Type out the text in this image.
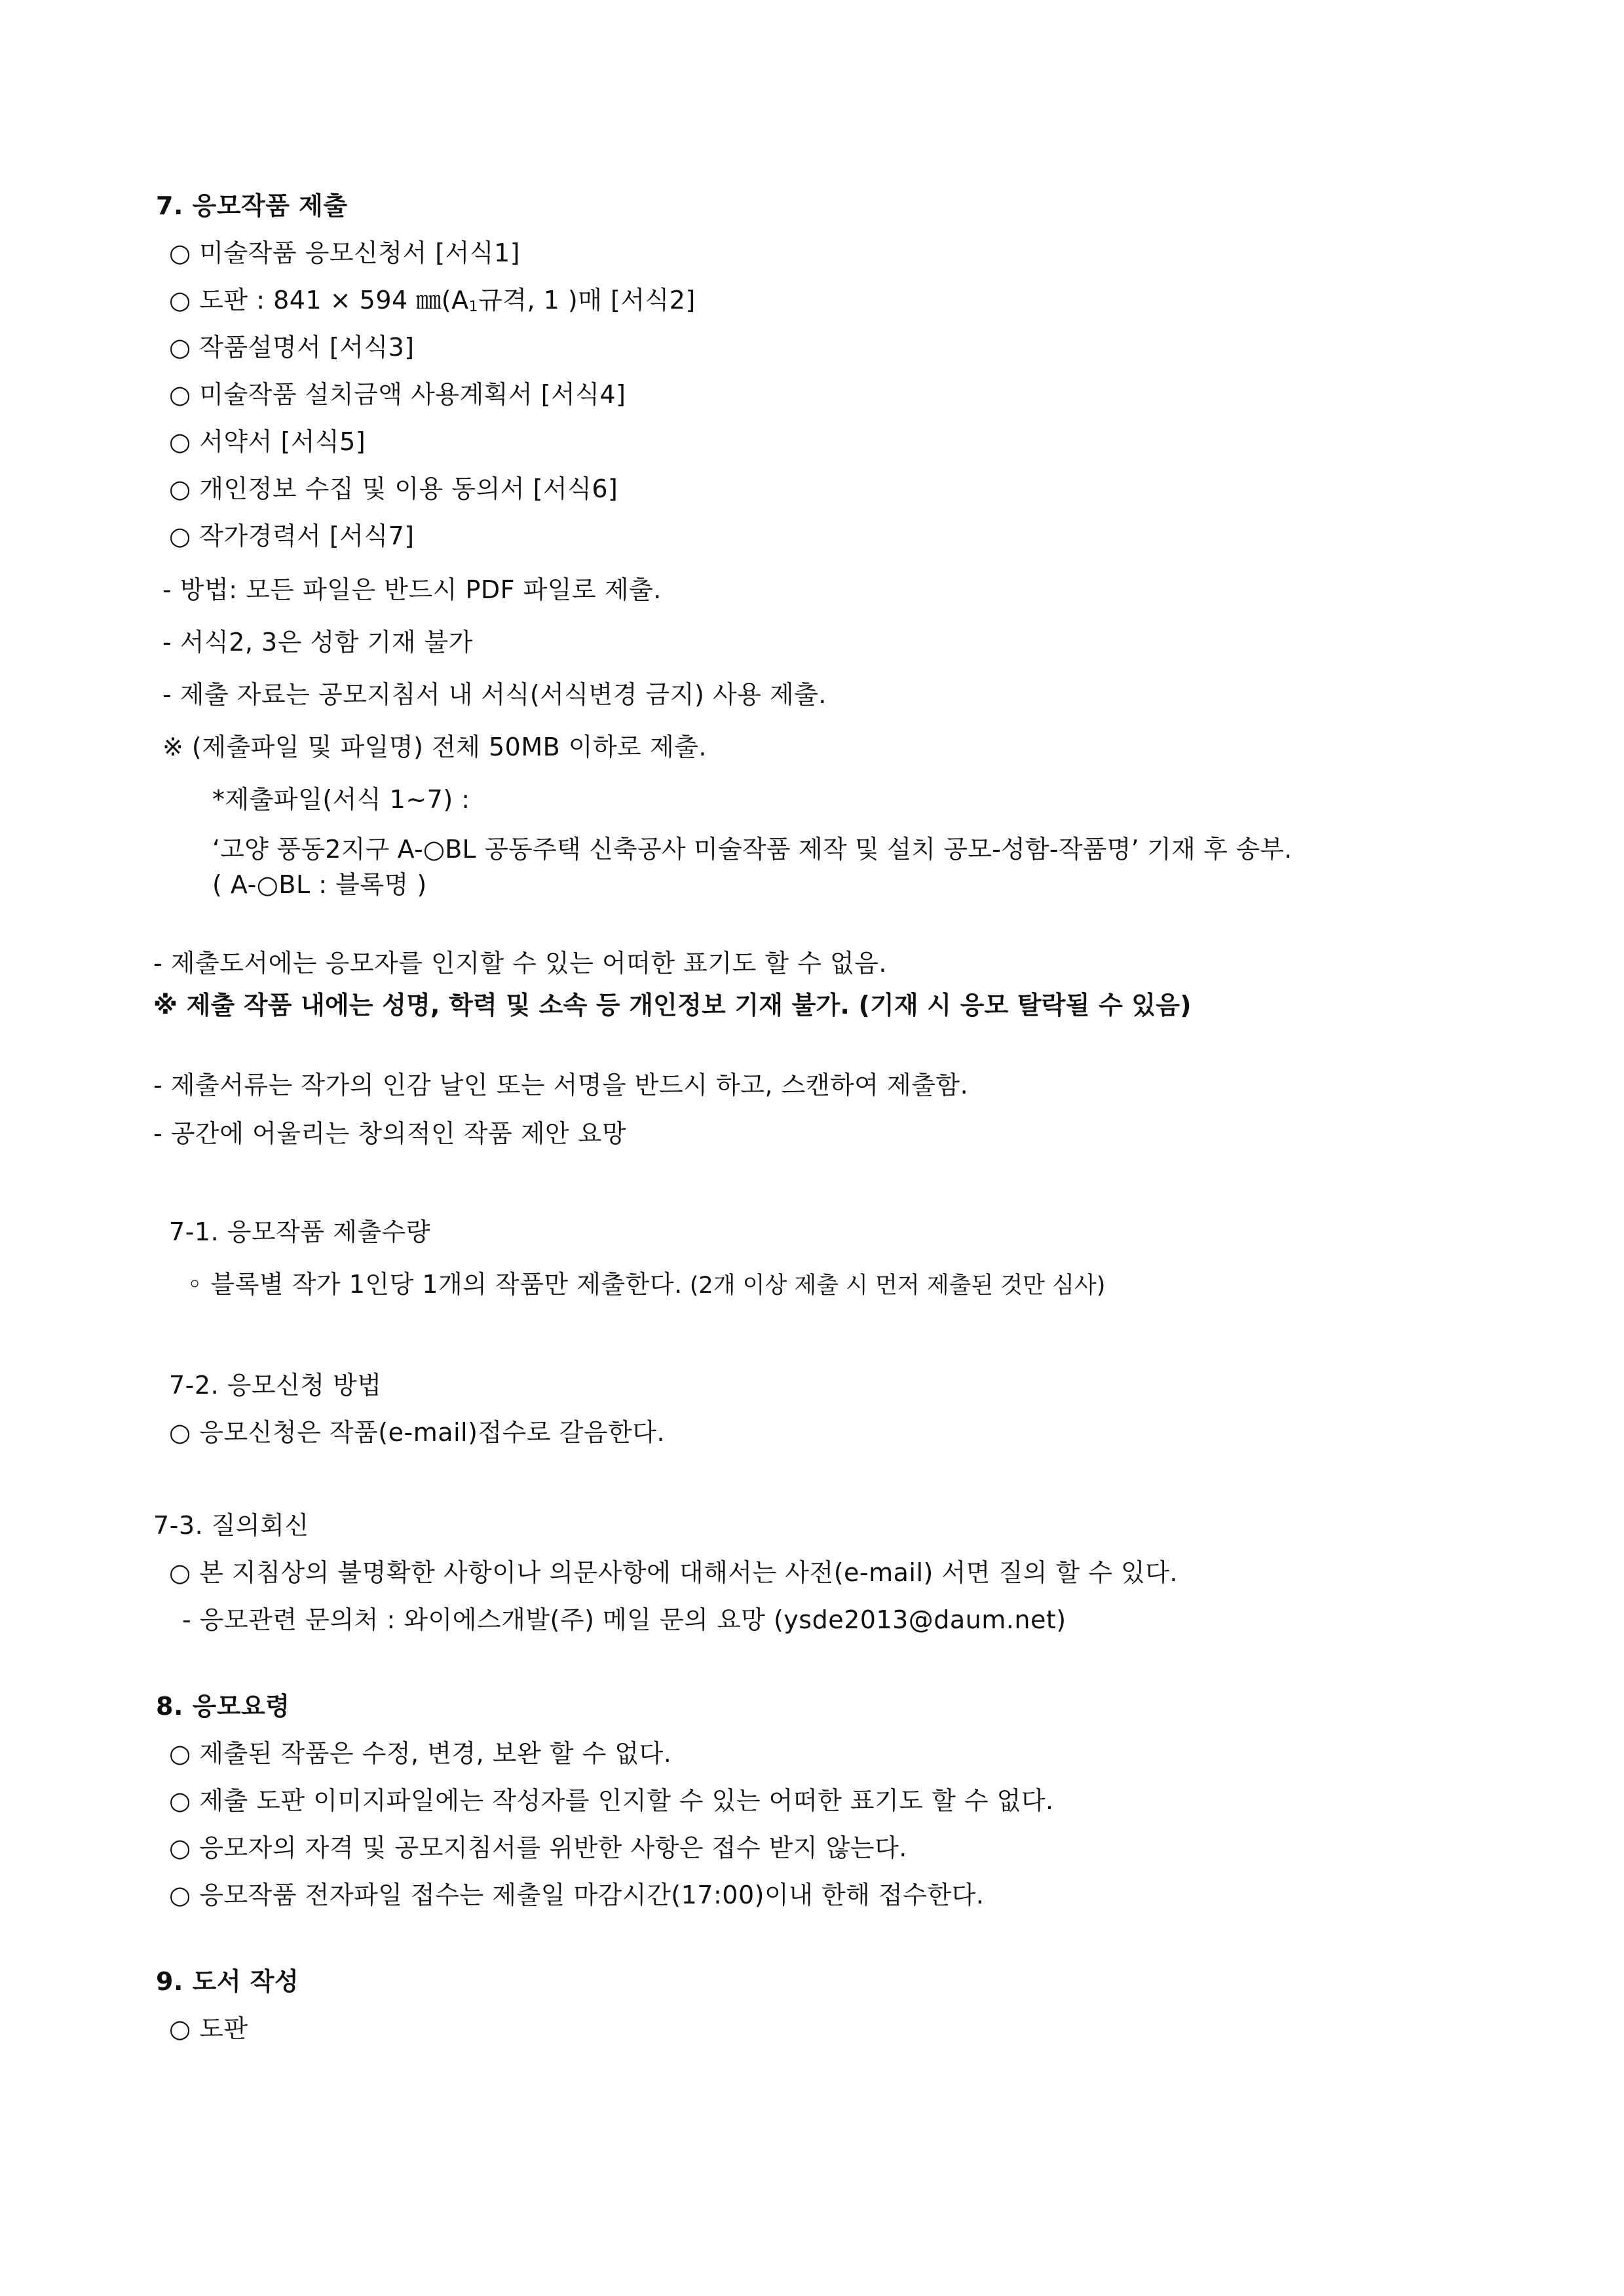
7. 응모작품 제출
○ 미술작품 응모신청서 [서식1]
○ 도판 : 841 × 594 $㎜(A_1$규격, 1 )매 [서식2]
○ 작품설명서 [서식3]
○ 미술작품 설치금액 사용계획서 [서식4]
○ 서약서 [서식5]
○ 개인정보 수집 및 이용 동의서 [서식6]
○ 작가경력서 [서식7]
- 방법: 모든 파일은 반드시 PDF 파일로 제출.
- 서식2, 3은 성함 기재 불가
- 제출 자료는 공모지침서 내 서식(서식변경 금지) 사용 제출.
※ (제출파일 및 파일명) 전체 50MB 이하로 제출.
*제출파일(서식 1~7) :
‘고양 풍동2지구 A-○BL 공동주택 신축공사 미술작품 제작 및 설치 공모-성함-작품명’ 기재 후 송부.
( A-○BL : 블록명 )
- 제출도서에는 응모자를 인지할 수 있는 어떠한 표기도 할 수 없음.
※ 제출 작품 내에는 성명, 학력 및 소속 등 개인정보 기재 불가. (기재 시 응모 탈락될 수 있음)
- 제출서류는 작가의 인감 날인 또는 서명을 반드시 하고, 스캔하여 제출함.
- 공간에 어울리는 창의적인 작품 제안 요망
7-1. 응모작품 제출수량
◦ 블록별 작가 1인당 1개의 작품만 제출한다. (2개 이상 제출 시 먼저 제출된 것만 심사)
7-2. 응모신청 방법
○ 응모신청은 작품(e-mail)접수로 갈음한다.
7-3. 질의회신
○ 본 지침상의 불명확한 사항이나 의문사항에 대해서는 사전(e-mail) 서면 질의 할 수 있다.
- 응모관련 문의처 : 와이에스개발(주) 메일 문의 요망 (ysde2013@daum.net)
8. 응모요령
○ 제출된 작품은 수정, 변경, 보완 할 수 없다.
○ 제출 도판 이미지파일에는 작성자를 인지할 수 있는 어떠한 표기도 할 수 없다.
○ 응모자의 자격 및 공모지침서를 위반한 사항은 접수 받지 않는다.
○ 응모작품 전자파일 접수는 제출일 마감시간(17:00)이내 한해 접수한다.
9. 도서 작성
○ 도판
